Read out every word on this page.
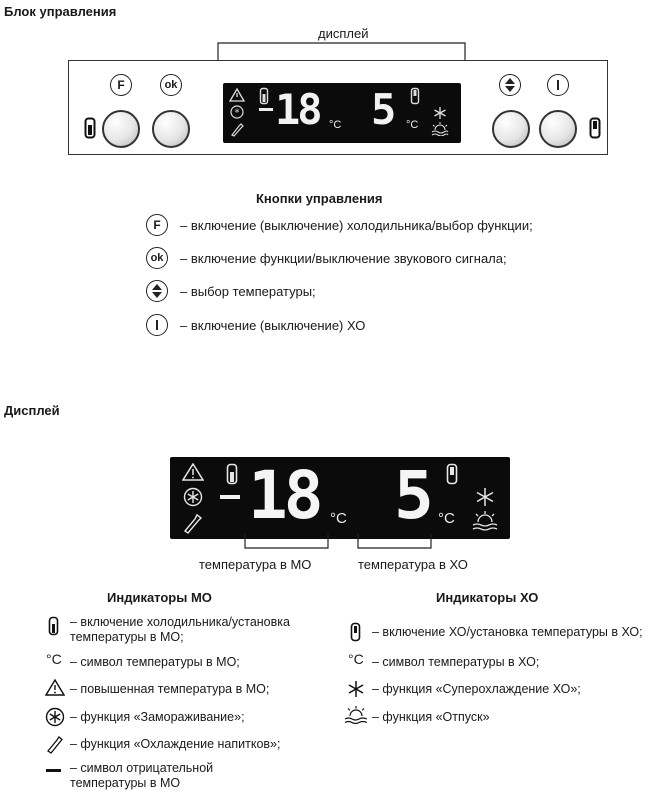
Блок управления
дисплей
F	ok
* 18 °C 5 °C
Кнопки управления
F	– включение (выключение) холодильника/выбор функции;
ok	– включение функции/выключение звукового сигнала;
– выбор температуры;
– включение (выключение) ХО
Дисплей
18 °C 5 °C
температура в МО	температура в ХО
Индикаторы МО
– включение холодильника/установка температуры в МО;
°C – символ температуры в МО;
– повышенная температура в МО;
– функция «Замораживание»;
– функция «Охлаждение напитков»;
– символ отрицательной температуры в МО
Индикаторы ХО
– включение ХО/установка температуры в ХО;
°C – символ температуры в ХО;
– функция «Суперохлаждение ХО»;
– функция «Отпуск»
